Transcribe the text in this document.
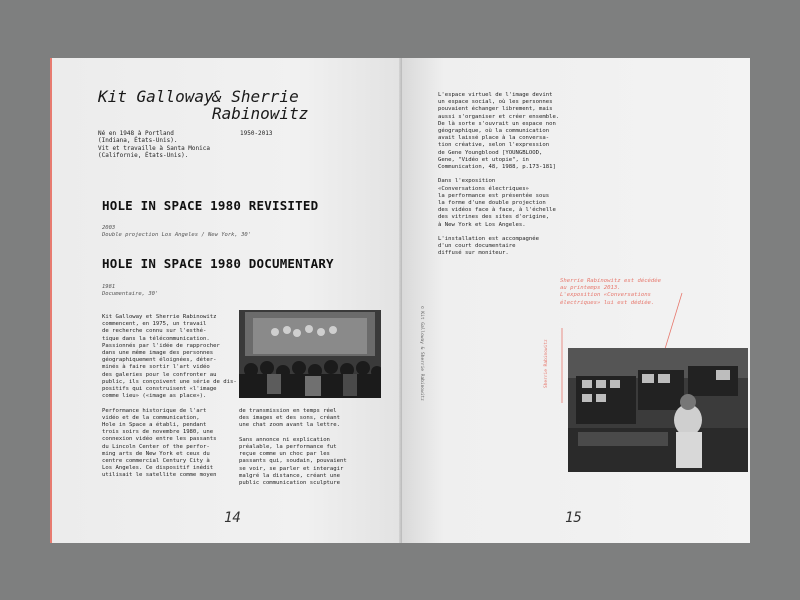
Kit Galloway
& Sherrie
Rabinowitz
Né en 1948 à Portland
(Indiana, États-Unis).
Vit et travaille à Santa Monica
(Californie, États-Unis).
1950-2013
HOLE IN SPACE 1980 REVISITED
2003
Double projection Los Angeles / New York, 30'
HOLE IN SPACE 1980 DOCUMENTARY
1981
Documentaire, 30'
Kit Galloway et Sherrie Rabinowitz
commencent, en 1975, un travail
de recherche connu sur l'esthé-
tique dans la télécommunication.
Passionnés par l'idée de rapprocher
dans une même image des personnes
géographiquement éloignées, déter-
minés à faire sortir l'art vidéo
des galeries pour le confronter au
public, ils conçoivent une série de dis-
positifs qui construisent «l'image
comme lieu» («image as place»).

Performance historique de l'art
vidéo et de la communication,
Hole in Space a établi, pendant
trois soirs de novembre 1980, une
connexion vidéo entre les passants
du Lincoln Center of the perfor-
ming arts de New York et ceux du
centre commercial Century City à
Los Angeles. Ce dispositif inédit
utilisait le satellite comme moyen
de transmission en temps réel
des images et des sons, créant
une chat zoom avant la lettre.

Sans annonce ni explication
préalable, la performance fut
reçue comme un choc par les
passants qui, soudain, pouvaient
se voir, se parler et interagir
malgré la distance, créant une
public communication sculpture
14
© Kit Galloway & Sherrie Rabinowitz
L'espace virtuel de l'image devint
un espace social, où les personnes
pouvaient échanger librement, mais
aussi s'organiser et créer ensemble.
De là sorte s'ouvrait un espace non
géographique, où la communication
avait laissé place à la conversa-
tion créative, selon l'expression
de Gene Youngblood [YOUNGBLOOD,
Gene, "Vidéo et utopie", in
Communication, 48, 1988, p.173-181]

Dans l'exposition
«Conversations électriques»
la performance est présentée sous
la forme d'une double projection
des vidéos face à face, à l'échelle
des vitrines des sites d'origine,
à New York et Los Angeles.

L'installation est accompagnée
d'un court documentaire
diffusé sur moniteur.
Sherrie Rabinowitz est décédée
au printemps 2013.
L'exposition «Conversations
électriques» lui est dédiée.
Sherrie Rabinowitz
15
